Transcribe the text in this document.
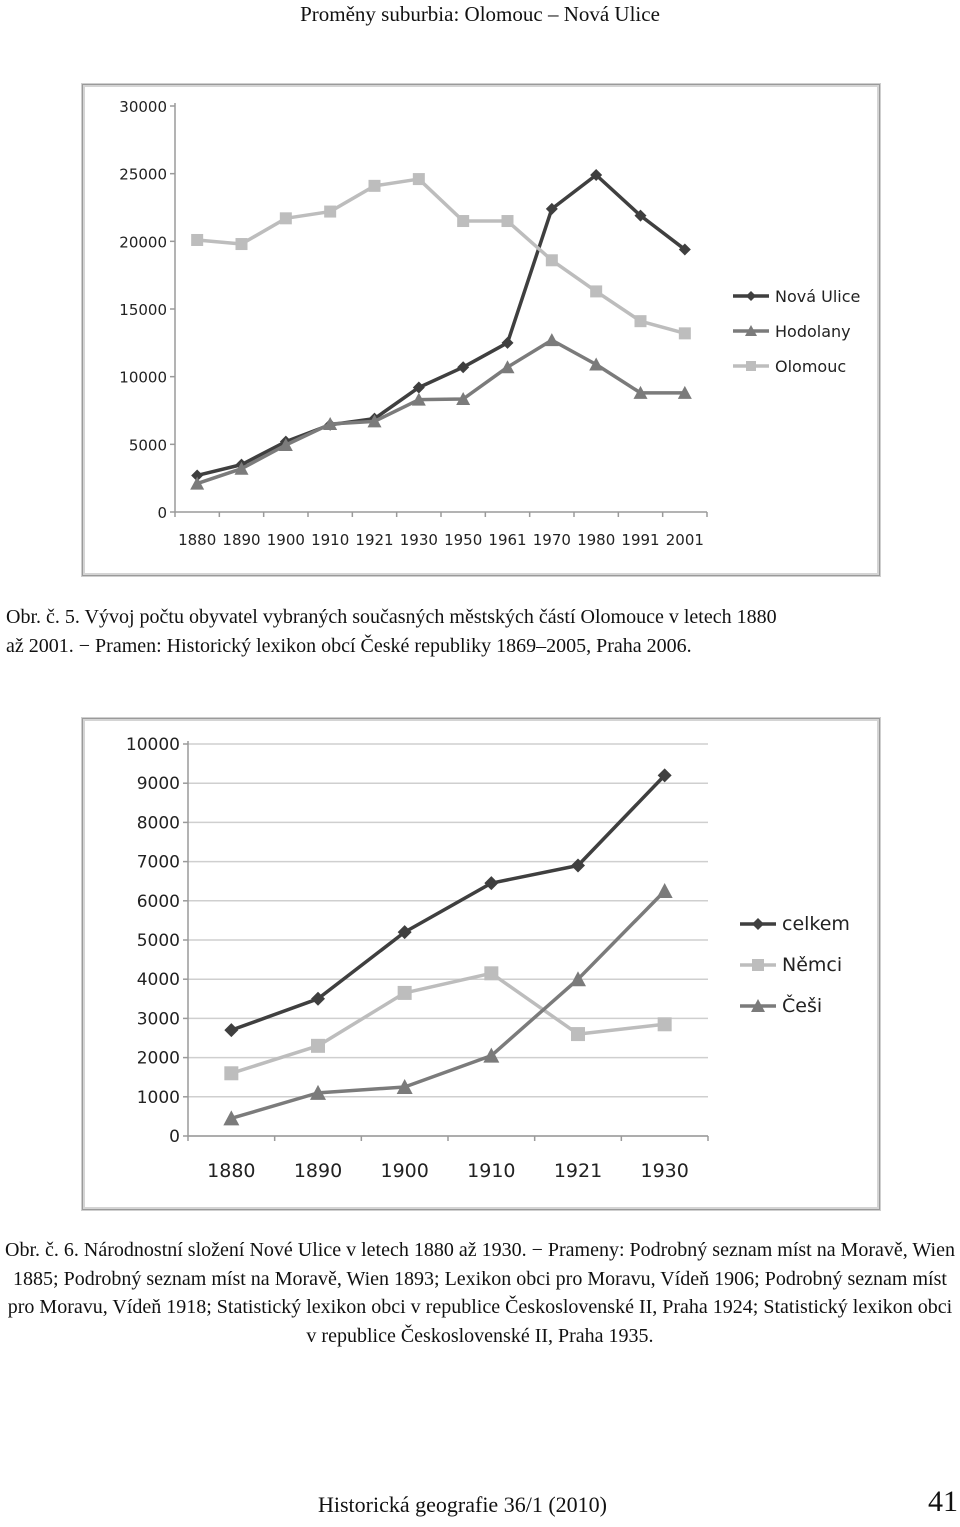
Proměny suburbia: Olomouc – Nová Ulice
0
5000
10000
15000
20000
25000
30000
1880 1890 1900 1910 1921 1930 1950 1961 1970 1980 1991 2001
Nová Ulice
Hodolany
Olomouc
Obr. č. 5. Vývoj počtu obyvatel vybraných současných městských částí Olomouce v letech 1880
až 2001. − Pramen: Historický lexikon obcí České republiky 1869–2005, Praha 2006.
0
1000
2000
3000
4000
5000
6000
7000
8000
9000
10000
1880 1890 1900 1910 1921 1930
celkem
Němci
Češi
Obr. č. 6. Národnostní složení Nové Ulice v letech 1880 až 1930. − Prameny: Podrobný seznam míst na Moravě, Wien 1885; Podrobný seznam míst na Moravě, Wien 1893; Lexikon obci pro Moravu, Vídeň 1906; Podrobný seznam míst pro Moravu, Vídeň 1918; Statistický lexikon obci v republice Československé II, Praha 1924; Statistický lexikon obci v republice Československé II, Praha 1935.
Historická geografie 36/1 (2010)	41
